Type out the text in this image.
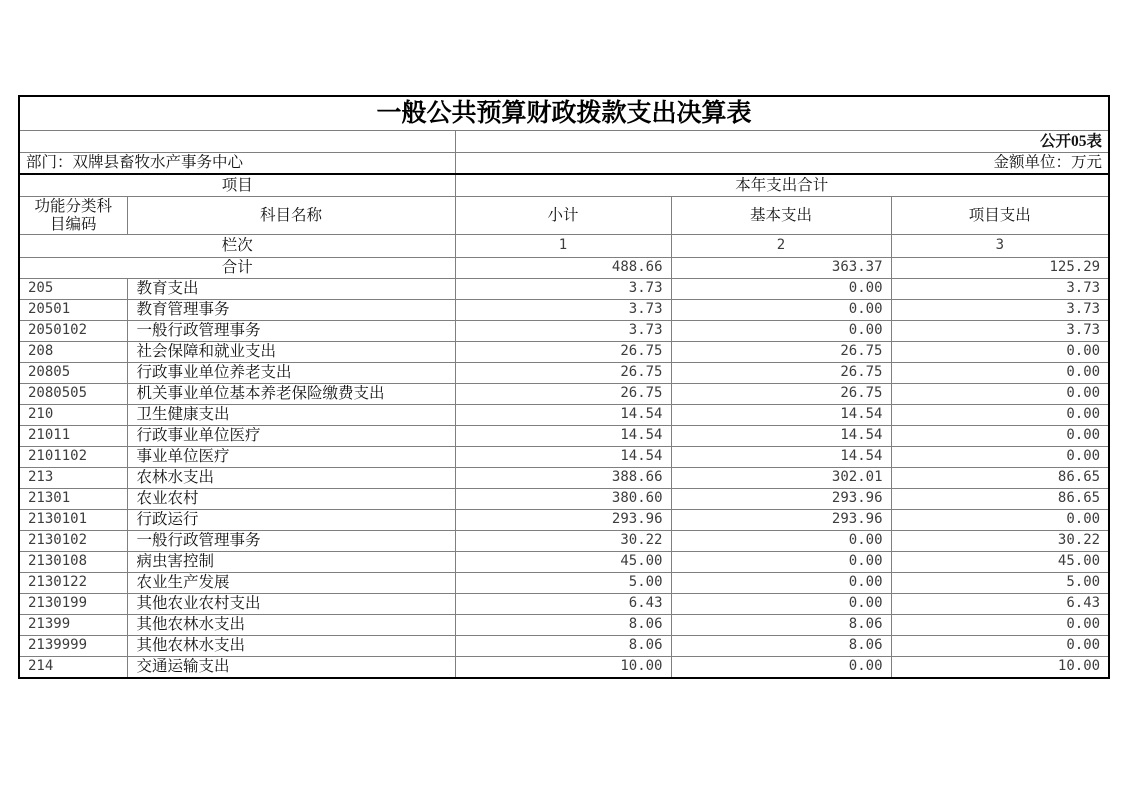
一般公共预算财政拨款支出决算表				
		公开05表		
部门：双牌县畜牧水产事务中心		金额单位：万元		
项目		本年支出合计		
功能分类科目编码	科目名称	小计	基本支出	项目支出
栏次		1	2	3
合计		488.66	363.37	125.29
205	教育支出	3.73	0.00	3.73
20501	教育管理事务	3.73	0.00	3.73
2050102	一般行政管理事务	3.73	0.00	3.73
208	社会保障和就业支出	26.75	26.75	0.00
20805	行政事业单位养老支出	26.75	26.75	0.00
2080505	机关事业单位基本养老保险缴费支出	26.75	26.75	0.00
210	卫生健康支出	14.54	14.54	0.00
21011	行政事业单位医疗	14.54	14.54	0.00
2101102	事业单位医疗	14.54	14.54	0.00
213	农林水支出	388.66	302.01	86.65
21301	农业农村	380.60	293.96	86.65
2130101	行政运行	293.96	293.96	0.00
2130102	一般行政管理事务	30.22	0.00	30.22
2130108	病虫害控制	45.00	0.00	45.00
2130122	农业生产发展	5.00	0.00	5.00
2130199	其他农业农村支出	6.43	0.00	6.43
21399	其他农林水支出	8.06	8.06	0.00
2139999	其他农林水支出	8.06	8.06	0.00
214	交通运输支出	10.00	0.00	10.00
